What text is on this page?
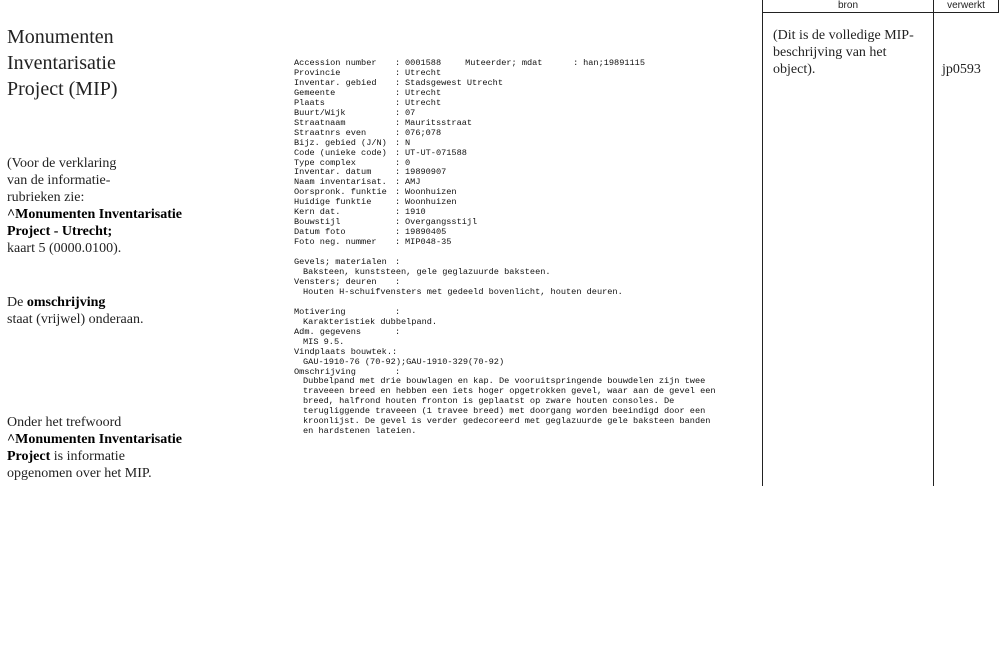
Monumenten
Inventarisatie
Project (MIP)
(Voor de verklaring
van de informatie-
rubrieken zie:
^Monumenten Inventarisatie
Project - Utrecht;
kaart 5 (0000.0100).
De omschrijving
staat (vrijwel) onderaan.
Onder het trefwoord
^Monumenten Inventarisatie
Project is informatie
opgenomen over het MIP.
Accession number	: 0001588	Muteerder; mdat	: han;19891115
Provincie	: Utrecht
Inventar. gebied	: Stadsgewest Utrecht
Gemeente	: Utrecht
Plaats	: Utrecht
Buurt/Wijk	: 07
Straatnaam	: Mauritsstraat
Straatnrs even	: 076;078
Bijz. gebied (J/N) : N
Code (unieke code) : UT-UT-071588
Type complex	: 0
Inventar. datum	: 19890907
Naam inventarisat. : AMJ
Oorspronk. funktie : Woonhuizen
Huidige funktie	: Woonhuizen
Kern dat.	: 1910
Bouwstijl	: Overgangsstijl
Datum foto	: 19890405
Foto neg. nummer	: MIP048-35
Gevels; materialen :
Baksteen, kunststeen, gele geglazuurde baksteen.
Vensters; deuren	:
Houten H-schuifvensters met gedeeld bovenlicht, houten deuren.
Motivering	:
Karakteristiek dubbelpand.
Adm. gegevens	:
MIS 9.5.
Vindplaats bouwtek.:
GAU-1910-76 (70-92);GAU-1910-329(70-92)
Omschrijving	:
Dubbelpand met drie bouwlagen en kap. De vooruitspringende bouwdelen zijn twee traveeen breed en hebben een iets hoger opgetrokken gevel, waar aan de gevel een breed, halfrond houten fronton is geplaatst op zware houten consoles. De terugliggende traveeen (1 travee breed) met doorgang worden beeindigd door een kroonlijst. De gevel is verder gedecoreerd met geglazuurde gele baksteen banden en hardstenen lateien.
bron	verwerkt
(Dit is de volledige MIP-beschrijving van het object).	jp0593
